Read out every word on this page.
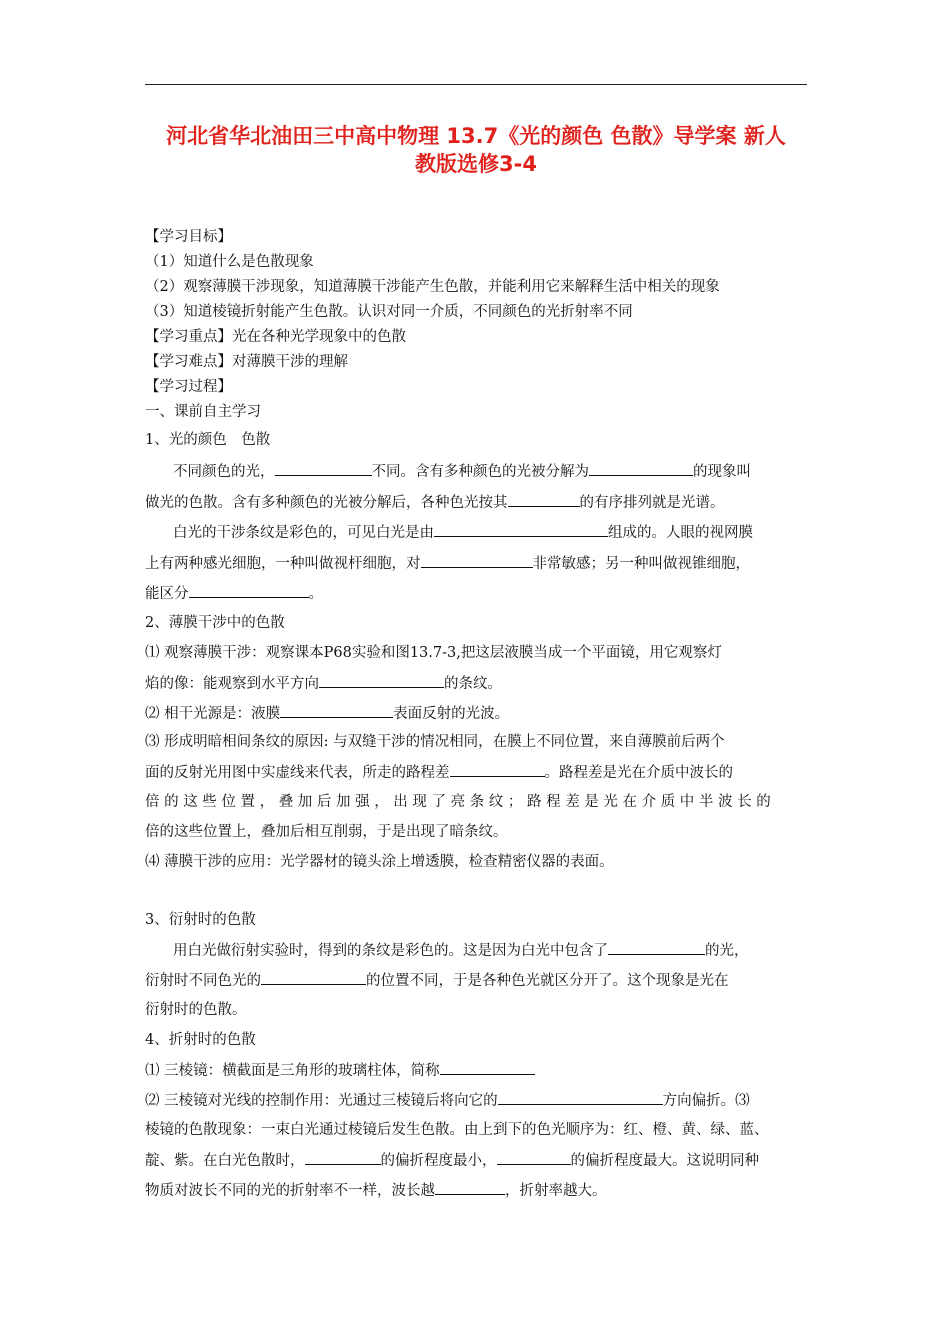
河北省华北油田三中高中物理 13.7《光的颜色 色散》导学案 新人
教版选修3-4
【学习目标】
（1）知道什么是色散现象
（2）观察薄膜干涉现象，知道薄膜干涉能产生色散，并能利用它来解释生活中相关的现象
（3）知道棱镜折射能产生色散。认识对同一介质，不同颜色的光折射率不同
【学习重点】光在各种光学现象中的色散
【学习难点】对薄膜干涉的理解
【学习过程】
一、课前自主学习
1、光的颜色　色散
不同颜色的光，	不同。含有多种颜色的光被分解为	的现象叫
做光的色散。含有多种颜色的光被分解后，各种色光按其	的有序排列就是光谱。
白光的干涉条纹是彩色的，可见白光是由	组成的。人眼的视网膜
上有两种感光细胞，一种叫做视杆细胞，对	非常敏感；另一种叫做视锥细胞，
能区分	。
2、薄膜干涉中的色散
⑴ 观察薄膜干涉：观察课本P68实验和图13.7-3,把这层液膜当成一个平面镜，用它观察灯
焰的像：能观察到水平方向	的条纹。
⑵ 相干光源是：液膜	表面反射的光波。
⑶ 形成明暗相间条纹的原因: 与双缝干涉的情况相同，在膜上不同位置，来自薄膜前后两个
面的反射光用图中实虚线来代表，所走的路程差	。路程差是光在介质中波长的
倍的这些位置，叠加后加强，出现了亮条纹；路程差是光在介质中半波长的
倍的这些位置上，叠加后相互削弱，于是出现了暗条纹。
⑷ 薄膜干涉的应用：光学器材的镜头涂上增透膜，检查精密仪器的表面。
3、衍射时的色散
用白光做衍射实验时，得到的条纹是彩色的。这是因为白光中包含了	的光，
衍射时不同色光的	的位置不同，于是各种色光就区分开了。这个现象是光在
衍射时的色散。
4、折射时的色散
⑴ 三棱镜：横截面是三角形的玻璃柱体，简称
⑵ 三棱镜对光线的控制作用：光通过三棱镜后将向它的	方向偏折。⑶
棱镜的色散现象：一束白光通过棱镜后发生色散。由上到下的色光顺序为：红、橙、黄、绿、蓝、
靛、紫。在白光色散时，	的偏折程度最小，	的偏折程度最大。这说明同种
物质对波长不同的光的折射率不一样，波长越	，折射率越大。
